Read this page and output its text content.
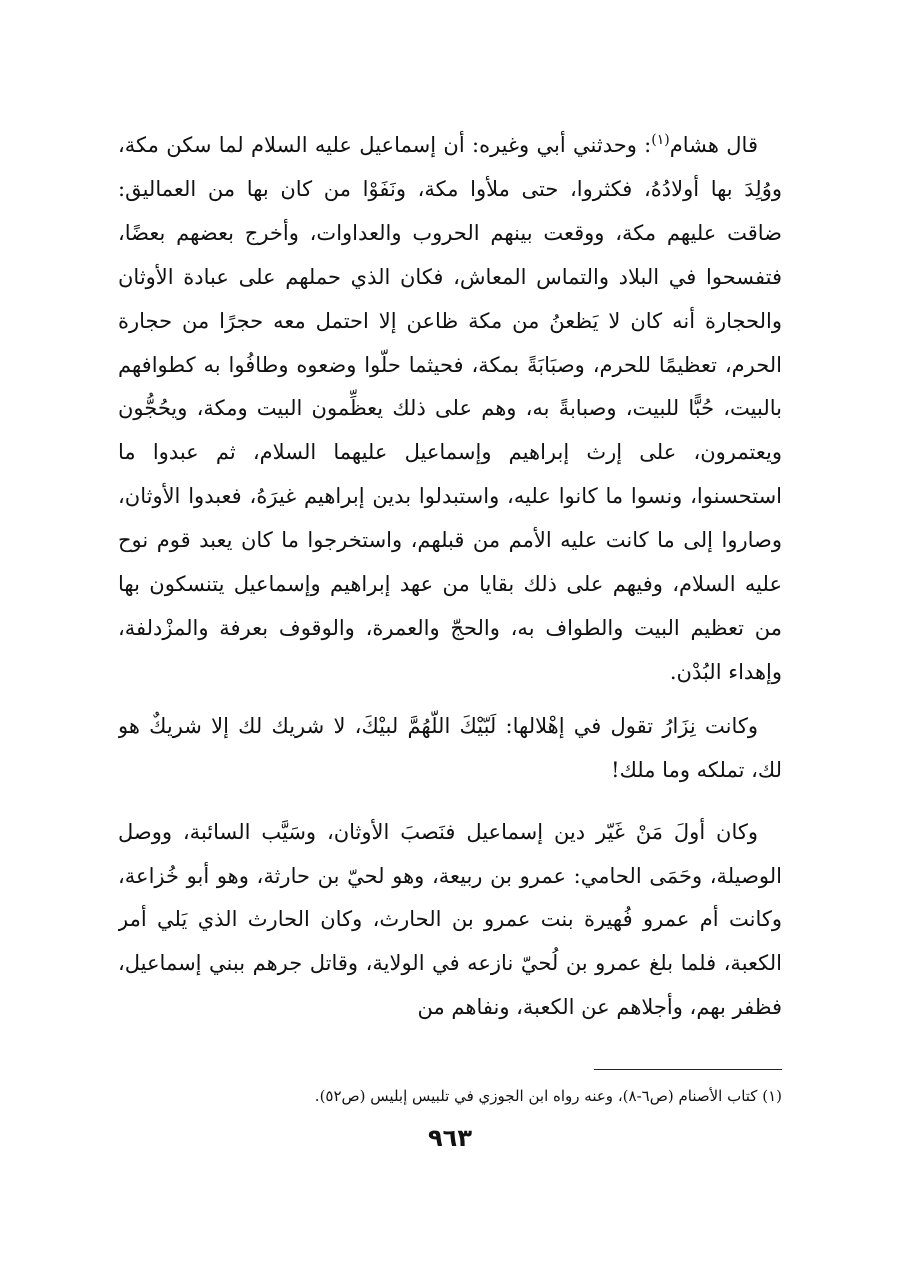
قال هشام$^{(١)}$: وحدثني أبي وغيره: أن إسماعيل عليه السلام لما سكن مكة، ووُلِدَ بها أولادُهُ، فكثروا، حتى ملأوا مكة، ونَفَوْا من كان بها من العماليق: ضاقت عليهم مكة، ووقعت بينهم الحروب والعداوات، وأخرج بعضهم بعضًا، فتفسحوا في البلاد والتماس المعاش، فكان الذي حملهم على عبادة الأوثان والحجارة أنه كان لا يَظعنُ من مكة ظاعن إلا احتمل معه حجرًا من حجارة الحرم، تعظيمًا للحرم، وصبَابَةً بمكة، فحيثما حلّوا وضعوه وطافُوا به كطوافهم بالبيت، حُبًّا للبيت، وصبابةً به، وهم على ذلك يعظِّمون البيت ومكة، ويحُجُّون ويعتمرون، على إرث إبراهيم وإسماعيل عليهما السلام، ثم عبدوا ما استحسنوا، ونسوا ما كانوا عليه، واستبدلوا بدين إبراهيم غيرَهُ، فعبدوا الأوثان، وصاروا إلى ما كانت عليه الأمم من قبلهم، واستخرجوا ما كان يعبد قوم نوح عليه السلام، وفيهم على ذلك بقايا من عهد إبراهيم وإسماعيل يتنسكون بها من تعظيم البيت والطواف به، والحجّ والعمرة، والوقوف بعرفة والمزْدلفة، وإهداء البُدْن.

وكانت نِزَارُ تقول في إهْلالها: لَبّيْكَ اللّهُمَّ لبيْكَ، لا شريك لك إلا شريكٌ هو لك، تملكه وما ملك!

وكان أولَ مَنْ غَيّر دين إسماعيل فنَصبَ الأوثان، وسَيَّب السائبة، ووصل الوصيلة، وحَمَى الحامي: عمرو بن ربيعة، وهو لحيّ بن حارثة، وهو أبو خُزاعة، وكانت أم عمرو فُهيرة بنت عمرو بن الحارث، وكان الحارث الذي يَلي أمر الكعبة، فلما بلغ عمرو بن لُحيّ نازعه في الولاية، وقاتل جرهم ببني إسماعيل، فظفر بهم، وأجلاهم عن الكعبة، ونفاهم من

(١) كتاب الأصنام (ص٦-٨)، وعنه رواه ابن الجوزي في تلبيس إبليس (ص٥٢).
٩٦٣
